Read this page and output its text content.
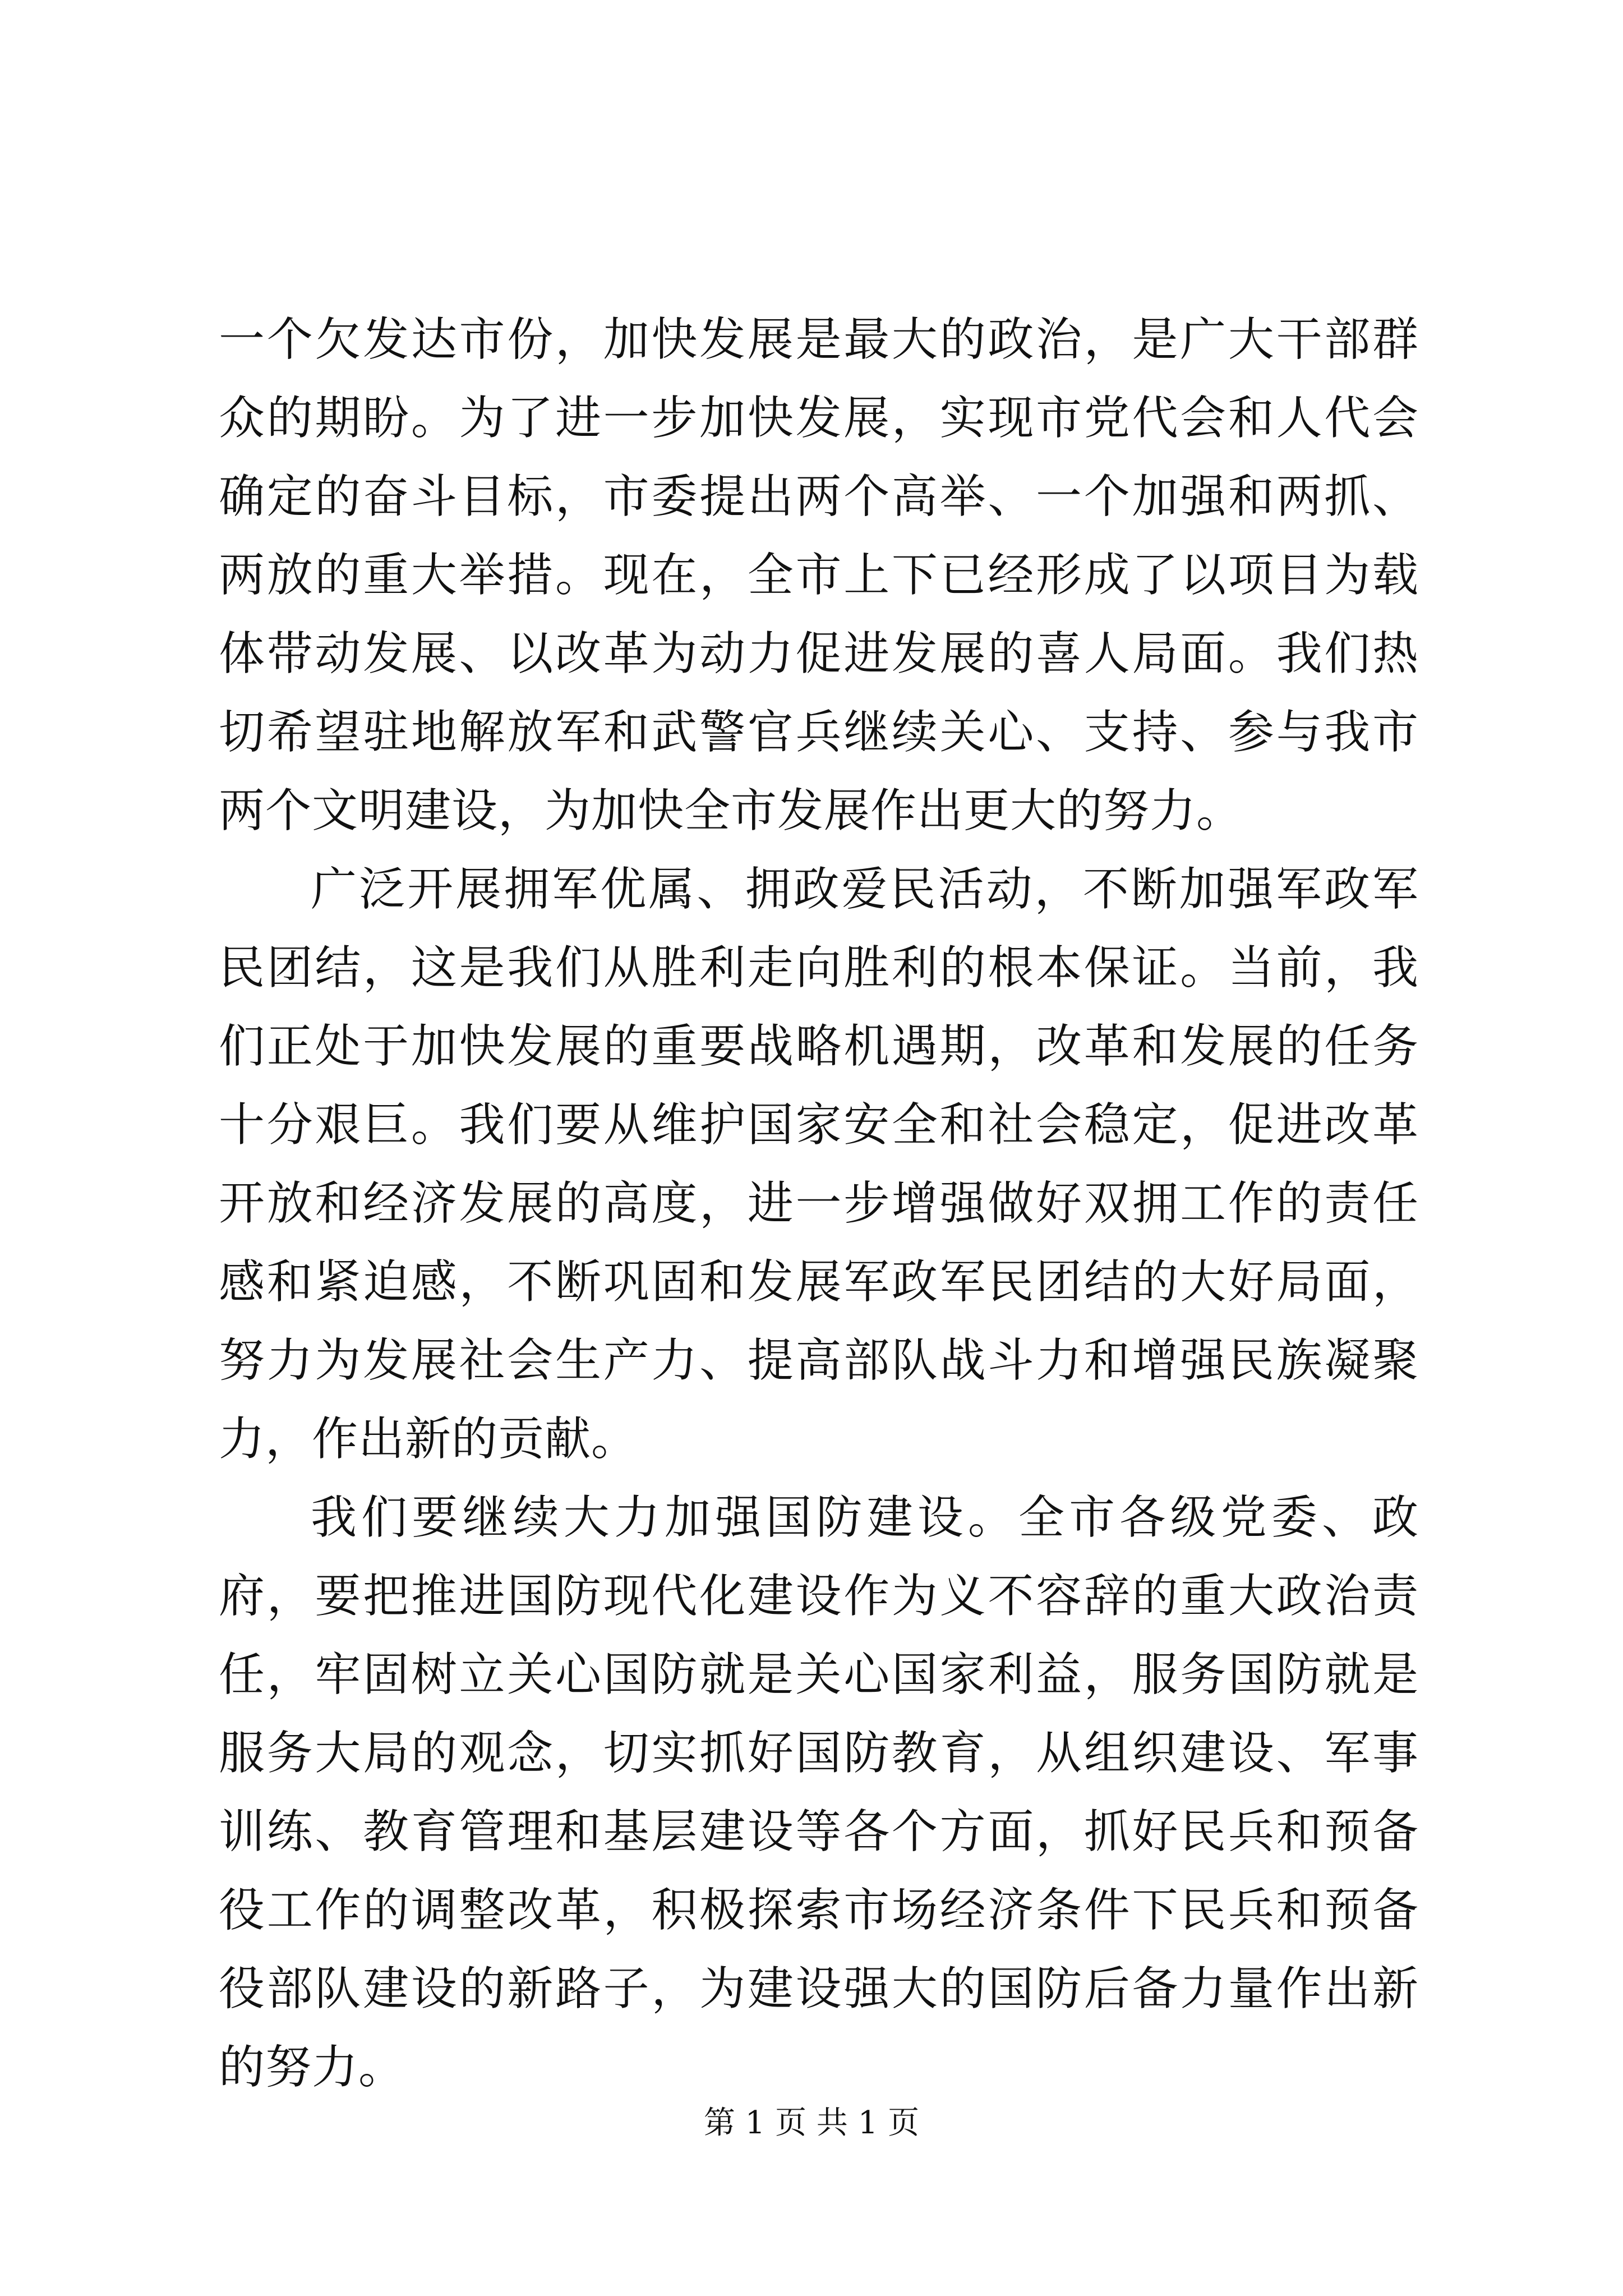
一个欠发达市份，加快发展是最大的政治，是广大干部群众的期盼。为了进一步加快发展，实现市党代会和人代会确定的奋斗目标，市委提出两个高举、一个加强和两抓、两放的重大举措。现在，全市上下已经形成了以项目为载体带动发展、以改革为动力促进发展的喜人局面。我们热切希望驻地解放军和武警官兵继续关心、支持、参与我市两个文明建设，为加快全市发展作出更大的努力。

广泛开展拥军优属、拥政爱民活动，不断加强军政军民团结，这是我们从胜利走向胜利的根本保证。当前，我们正处于加快发展的重要战略机遇期，改革和发展的任务十分艰巨。我们要从维护国家安全和社会稳定，促进改革开放和经济发展的高度，进一步增强做好双拥工作的责任感和紧迫感，不断巩固和发展军政军民团结的大好局面，努力为发展社会生产力、提高部队战斗力和增强民族凝聚力，作出新的贡献。

我们要继续大力加强国防建设。全市各级党委、政府，要把推进国防现代化建设作为义不容辞的重大政治责任，牢固树立关心国防就是关心国家利益，服务国防就是服务大局的观念，切实抓好国防教育，从组织建设、军事训练、教育管理和基层建设等各个方面，抓好民兵和预备役工作的调整改革，积极探索市场经济条件下民兵和预备役部队建设的新路子，为建设强大的国防后备力量作出新的努力。

第 1 页 共 1 页
